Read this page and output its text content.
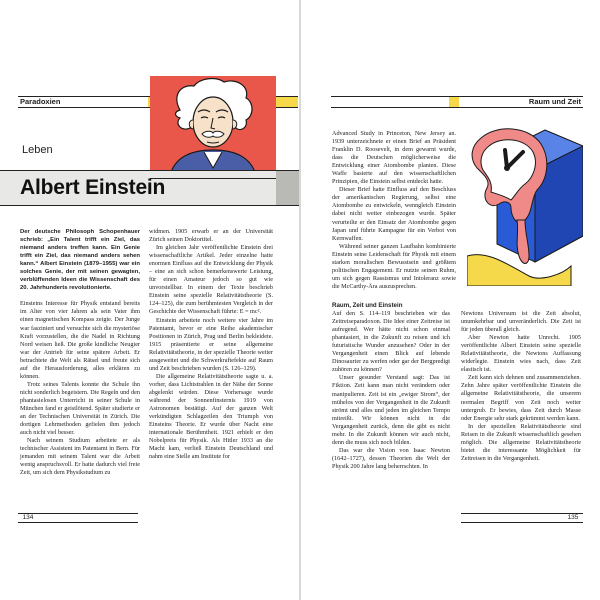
Paradoxien
Leben
Albert Einstein

Der deutsche Philosoph Schopenhauer schrieb: „Ein Talent trifft ein Ziel, das niemand anders treffen kann. Ein Genie trifft ein Ziel, das niemand anders sehen kann.“ Albert Einstein (1879–1955) war ein solches Genie, der mit seinen gewagten, verblüffenden Ideen die Wissenschaft des 20. Jahrhunderts revolutionierte.

Einsteins Interesse für Physik entstand bereits im Alter von vier Jahren als sein Vater ihm einen magnetischen Kompass zeigte. Der Junge war fasziniert und versuchte sich die mysteriöse Kraft vorzustellen, die die Nadel in Richtung Nord weisen ließ. Die große kindliche Neugier war der Antrieb für seine spätere Arbeit. Er betrachtete die Welt als Rätsel und freute sich auf die Herausforderung, alles erklären zu können.

Trotz seines Talents konnte die Schule ihn nicht sonderlich begeistern. Die Regeln und den phantasielosen Unterricht in seiner Schule in München fand er geistlötend. Später studierte er an der Technischen Universität in Zürich. Die dortigen Lehrmethoden gefielen ihm jedoch auch nicht viel besser.

Nach seinem Studium arbeitete er als technischer Assistent im Patentamt in Bern. Für jemanden mit seinem Talent war die Arbeit wenig anspruchsvoll. Er hatte dadurch viel freie Zeit, um sich dem Physikstudium zu

widmen. 1905 erwarb er an der Universität Zürich seinen Doktortitel.

Im gleichen Jahr veröffentlichte Einstein drei wissenschaftliche Artikel. Jeder einzelne hatte enormen Einfluss auf die Entwicklung der Physik – eine an sich schon bemerkenswerte Leistung, für einen Amateur jedoch so gut wie unvorstellbar. In einem der Texte beschrieb Einstein seine spezielle Relativitätstheorie (S. 124–125), die zum berühmtesten Vergleich in der Geschichte der Wissenschaft führte: E = mc².

Einstein arbeitete noch weitere vier Jahre im Patentamt, bevor er eine Reihe akademischer Positionen in Zürich, Prag und Berlin bekleidete. 1915 präsentierte er seine allgemeine Relativitätstheorie, in der spezielle Theorie weiter ausgeweitet und die Schwerkraftefekte auf Raum und Zeit beschrieben wurden (S. 126–129).

Die allgemeine Relativitätstheorie sagte u. a. vorher, dass Lichtstrahlen in der Nähe der Sonne abgelenkt würden. Diese Vorhersage wurde während der Sonnenfinsternis 1919 von Astronomen bestätigt. Auf der ganzen Welt verkündigten Schlagzeilen den Triumph von Einsteins Theorie. Er wurde über Nacht eine internationale Berühmtheit. 1921 erhielt er den Nobelpreis für Physik. Als Hitler 1933 an die Macht kam, verließ Einstein Deutschland und nahm eine Stelle am Institute for

134
Raum und Zeit

Advanced Study in Princeton, New Jersey an. 1939 unterzeichnete er einen Brief an Präsident Franklin D. Roosevelt, in dem gewarnt wurde, dass die Deutschen möglicherweise die Entwicklung einer Atombombe planten. Diese Waffe basierte auf den wissenschaftlichen Prinzipien, die Einstein selbst entdeckt hatte.

Dieser Brief hatte Einfluss auf den Beschluss der amerikanischen Regierung, selbst eine Atombombe zu entwickeln, wenngleich Einstein dabei nicht weiter einbezogen wurde. Später verurteilte er den Einsatz der Atombombe gegen Japan und führte Kampagne für ein Verbot von Kernwaffen.

Während seiner ganzen Laufbahn kombinierte Einstein seine Leidenschaft für Physik mit einem starken moralischen Bewusstsein und größtem politischen Engagement. Er nutzte seinen Ruhm, um sich gegen Rassismus und Intoleranz sowie die McCarthy-Ära auszusprechen.

Raum, Zeit und Einstein

Auf den S. 114–119 beschrieben wir das Zeitreiseparadoxon. Die Idee einer Zeitreise ist aufregend. Wer hätte nicht schon einmal phantasiert, in die Zukunft zu reisen und ich futuristische Wunder anzusehen? Oder in der Vergangenheit einen Blick auf lebende Dinosaurier zu werfen oder gar der Bergpredigt zuhören zu können?

Unser gesunder Verstand sagt: Das ist Fiktion. Zeit kann man nicht verändern oder manipulieren. Zeit ist ein „ewiger Strom“, der mühelos von der Vergangenheit in die Zukunft strömt und alles und jeden im gleichen Tempo mitreißt. Wir können nicht in die Vergangenheit zurück, denn die gibt es nicht mehr. In die Zukunft können wir auch nicht, denn die muss sich noch bilden.

Das war die Vision von Isaac Newton (1642–1727), dessen Theorien die Welt der Physik 200 Jahre lang beherrschten. In

Newtons Universum ist die Zeit absolut, unumkehrbar und unveränderlich. Die Zeit ist für jeden überall gleich.

Aber Newton hatte Unrecht. 1905 veröffentlichte Albert Einstein seine spezielle Relativitätstheorie, die Newtons Auffassung widerlegte. Einstein wies nach, dass Zeit elastisch ist.

Zeit kann sich dehnen und zusammenziehen. Zehn Jahre später veröffentlichte Einstein die allgemeine Relativitätstheorie, die unserem normalen Begriff von Zeit noch weiter untergrub. Er bewies, dass Zeit durch Masse oder Energie sehr stark gekrümmt werden kann.

In der speziellen Relativitätstheorie sind Reisen in die Zukunft wissenschaftlich gesehen möglich. Die allgemeine Relativitätstheorie bietet die interessante Möglichkeit für Zeitreisen in die Vergangenheit.

135
